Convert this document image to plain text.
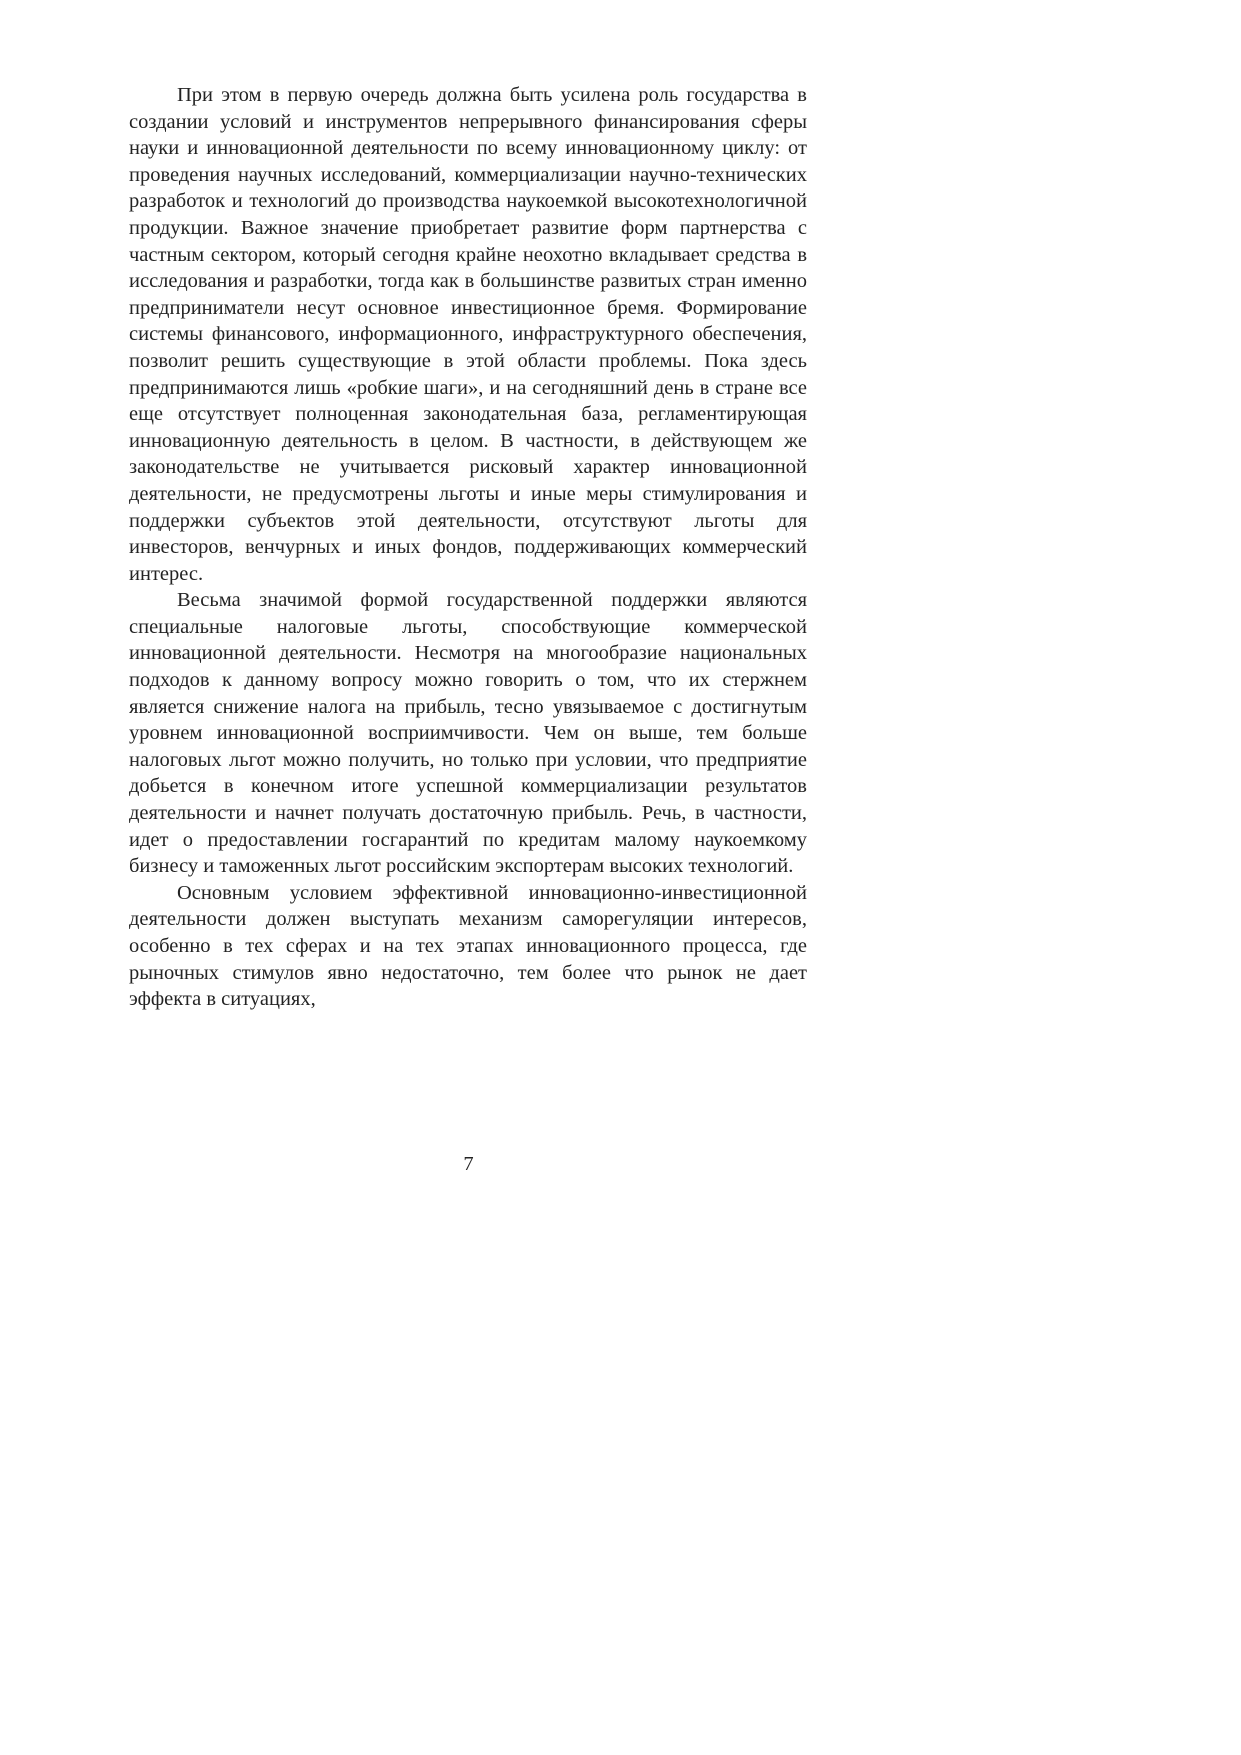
При этом в первую очередь должна быть усилена роль государства в создании условий и инструментов непрерывного финансирования сферы науки и инновационной деятельности по всему инновационному циклу: от проведения научных исследований, коммерциализации научно-технических разработок и технологий до производства наукоемкой высокотехнологичной продукции. Важное значение приобретает развитие форм партнерства с частным сектором, который сегодня крайне неохотно вкладывает средства в исследования и разработки, тогда как в большинстве развитых стран именно предприниматели несут основное инвестиционное бремя. Формирование системы финансового, информационного, инфраструктурного обеспечения, позволит решить существующие в этой области проблемы. Пока здесь предпринимаются лишь «робкие шаги», и на сегодняшний день в стране все еще отсутствует полноценная законодательная база, регламентирующая инновационную деятельность в целом. В частности, в действующем же законодательстве не учитывается рисковый характер инновационной деятельности, не предусмотрены льготы и иные меры стимулирования и поддержки субъектов этой деятельности, отсутствуют льготы для инвесторов, венчурных и иных фондов, поддерживающих коммерческий интерес.

Весьма значимой формой государственной поддержки являются специальные налоговые льготы, способствующие коммерческой инновационной деятельности. Несмотря на многообразие национальных подходов к данному вопросу можно говорить о том, что их стержнем является снижение налога на прибыль, тесно увязываемое с достигнутым уровнем инновационной восприимчивости. Чем он выше, тем больше налоговых льгот можно получить, но только при условии, что предприятие добьется в конечном итоге успешной коммерциализации результатов деятельности и начнет получать достаточную прибыль. Речь, в частности, идет о предоставлении госгарантий по кредитам малому наукоемкому бизнесу и таможенных льгот российским экспортерам высоких технологий.

Основным условием эффективной инновационно-инвестиционной деятельности должен выступать механизм саморегуляции интересов, особенно в тех сферах и на тех этапах инновационного процесса, где рыночных стимулов явно недостаточно, тем более что рынок не дает эффекта в ситуациях,

7
